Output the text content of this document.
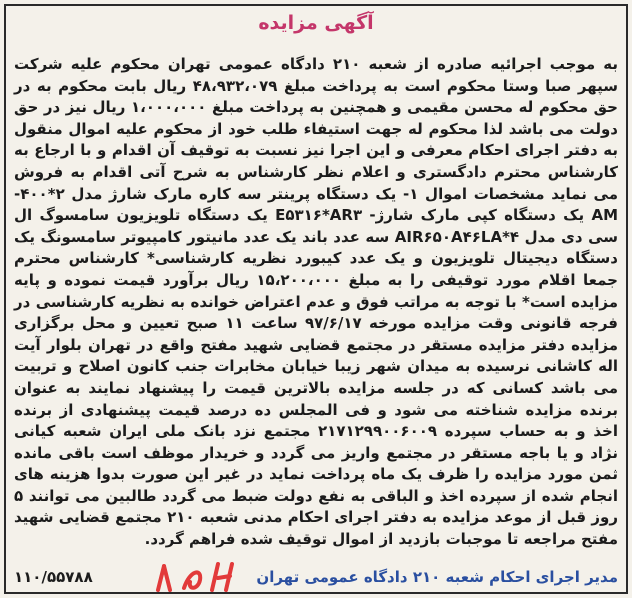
آگهی مزایده
به موجب اجرائیه صادره از شعبه ۲۱۰ دادگاه عمومی تهران محکوم علیه شرکت سپهر صبا وستا محکوم است به پرداخت مبلغ ۴۸،۹۳۲،۰۷۹ ریال بابت محکوم به در حق محکوم له محسن مقیمی و همچنین به پرداخت مبلغ ۱،۰۰۰،۰۰۰ ریال نیز در حق دولت می باشد لذا محکوم له جهت استیفاء طلب خود از محکوم علیه اموال منقول به دفتر اجرای احکام معرفی و این اجرا نیز نسبت به توقیف آن اقدام و با ارجاع به کارشناس محترم دادگستری و اعلام نظر کارشناس به شرح آتی اقدام به فروش می نماید مشخصات اموال ۱- یک دستگاه پرینتر سه کاره مارک شارژ مدل ۲*۴۰۰-AM یک دستگاه کپی مارک شارژ- E۵۳۱۶*AR۳ یک دستگاه تلویزیون سامسوگ ال سی دی مدل ۴*AIR۶۵۰A۴۶LA سه عدد باند یک عدد مانیتور کامپیوتر سامسونگ یک دستگاه دیجیتال تلویزیون و یک عدد کیبورد نظریه کارشناسی* کارشناس محترم جمعا اقلام مورد توقیفی را به مبلغ ۱۵،۲۰۰،۰۰۰ ریال برآورد قیمت نموده و پایه مزایده است* با توجه به مراتب فوق و عدم اعتراض خوانده به نظریه کارشناسی در فرجه قانونی وقت مزایده مورخه ۹۷/۶/۱۷ ساعت ۱۱ صبح تعیین و محل برگزاری مزایده دفتر مزایده مستقر در مجتمع قضایی شهید مفتح واقع در تهران بلوار آیت اله کاشانی نرسیده به میدان شهر زیبا خیابان مخابرات جنب کانون اصلاح و تربیت می باشد کسانی که در جلسه مزایده بالاترین قیمت را پیشنهاد نمایند به عنوان برنده مزایده شناخته می شود و فی المجلس ده درصد قیمت پیشنهادی از برنده اخذ و به حساب سپرده ۲۱۷۱۲۹۹۰۰۶۰۰۹ مجتمع نزد بانک ملی ایران شعبه کیانی نژاد و یا باجه مستقر در مجتمع واریز می گردد و خریدار موظف است باقی مانده ثمن مورد مزایده را ظرف یک ماه پرداخت نماید در غیر این صورت بدوا هزینه های انجام شده از سپرده اخذ و الباقی به نفع دولت ضبط می گردد طالبین می توانند ۵ روز قبل از موعد مزایده به دفتر اجرای احکام مدنی شعبه ۲۱۰ مجتمع قضایی شهید مفتح مراجعه تا موجبات بازدید از اموال توقیف شده فراهم گردد.
مدیر اجرای احکام شعبه ۲۱۰ دادگاه عمومی تهران
۱۱۰/۵۵۷۸۸
